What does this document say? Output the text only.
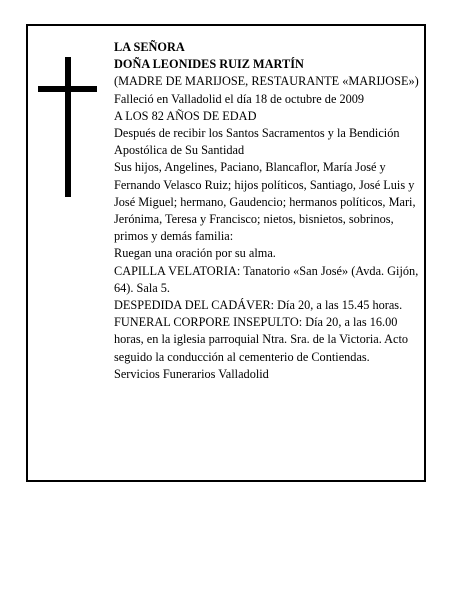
LA SEÑORA

DOÑA LEONIDES RUIZ MARTÍN

(MADRE DE MARIJOSE, RESTAURANTE «MARIJOSE»)

Falleció en Valladolid el día 18 de octubre de 2009

A LOS 82 AÑOS DE EDAD

Después de recibir los Santos Sacramentos y la Bendición Apostólica de Su Santidad

Sus hijos, Angelines, Paciano, Blancaflor, María José y Fernando Velasco Ruiz; hijos políticos, Santiago, José Luis y José Miguel; hermano, Gaudencio; hermanos políticos, Mari, Jerónima, Teresa y Francisco; nietos, bisnietos, sobrinos, primos y demás familia:

Ruegan una oración por su alma.

CAPILLA VELATORIA: Tanatorio «San José» (Avda. Gijón, 64). Sala 5.

DESPEDIDA DEL CADÁVER: Día 20, a las 15.45 horas.

FUNERAL CORPORE INSEPULTO: Día 20, a las 16.00 horas, en la iglesia parroquial Ntra. Sra. de la Victoria. Acto seguido la conducción al cementerio de Contiendas.

Servicios Funerarios Valladolid
